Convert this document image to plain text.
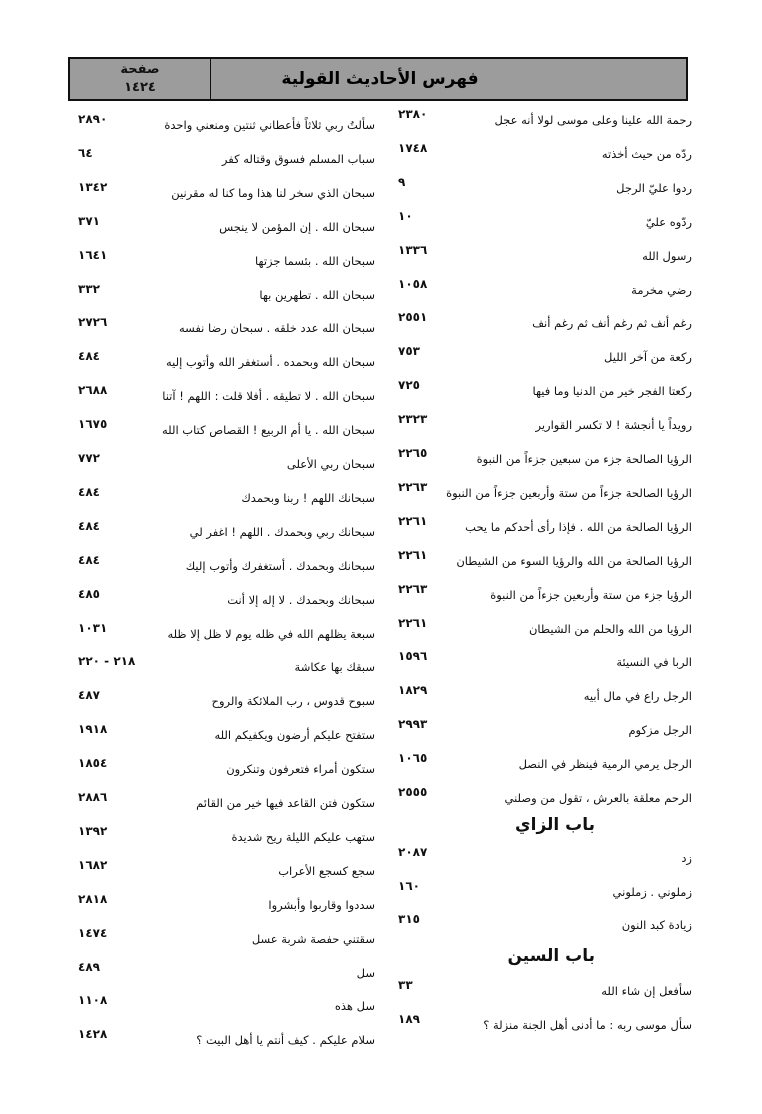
صفحة
١٤٢٤	فهرس الأحاديث القولية
رحمة الله علينا وعلى موسى لولا أنه عجل
٢٣٨٠
ردّه من حيث أخذته
١٧٤٨
ردوا عليّ الرجل
٩
ردّوه عليّ
١٠
رسول الله
١٣٣٦
رضي مخرمة
١٠٥٨
رغم أنف ثم رغم أنف ثم رغم أنف
٢٥٥١
ركعة من آخر الليل
٧٥٣
ركعتا الفجر خير من الدنيا وما فيها
٧٢٥
رويداً يا أنجشة ! لا تكسر القوارير
٢٣٢٣
الرؤيا الصالحة جزء من سبعين جزءاً من النبوة
٢٢٦٥
الرؤيا الصالحة جزءاً من ستة وأربعين جزءاً من النبوة
٢٢٦٣
الرؤيا الصالحة من الله . فإذا رأى أحدكم ما يحب
٢٢٦١
الرؤيا الصالحة من الله والرؤيا السوء من الشيطان
٢٢٦١
الرؤيا جزء من ستة وأربعين جزءاً من النبوة
٢٢٦٣
الرؤيا من الله والحلم من الشيطان
٢٢٦١
الربا في النسيئة
١٥٩٦
الرجل راع في مال أبيه
١٨٢٩
الرجل مزكوم
٢٩٩٣
الرجل يرمي الرمية فينظر في النصل
١٠٦٥
الرحم معلقة بالعرش ، تقول من وصلني
٢٥٥٥
زد
٢٠٨٧
زملوني . زملوني
١٦٠
زيادة كبد النون
٣١٥
سأفعل إن شاء الله
٣٣
سأل موسى ربه : ما أدنى أهل الجنة منزلة ؟
١٨٩
سألتُ ربي ثلاثاً فأعطاني ثنتين ومنعني واحدة
٢٨٩٠
سباب المسلم فسوق وقتاله كفر
٦٤
سبحان الذي سخر لنا هذا وما كنا له مقرنين
١٣٤٢
سبحان الله . إن المؤمن لا ينجس
٣٧١
سبحان الله . بئسما جزتها
١٦٤١
سبحان الله . تطهرين بها
٣٣٢
سبحان الله عدد خلقه . سبحان رضا نفسه
٢٧٢٦
سبحان الله وبحمده . أستغفر الله وأتوب إليه
٤٨٤
سبحان الله . لا تطيقه . أفلا قلت : اللهم ! آتنا
٢٦٨٨
سبحان الله . يا أم الربيع ! القصاص كتاب الله
١٦٧٥
سبحان ربي الأعلى
٧٧٢
سبحانك اللهم ! ربنا وبحمدك
٤٨٤
سبحانك ربي وبحمدك . اللهم ! اغفر لي
٤٨٤
سبحانك وبحمدك . أستغفرك وأتوب إليك
٤٨٤
سبحانك وبحمدك . لا إله إلا أنت
٤٨٥
سبعة يظلهم الله في ظله يوم لا ظل إلا ظله
١٠٣١
سبقك بها عكاشة
٢١٨ - ٢٢٠
سبوح قدوس ، رب الملائكة والروح
٤٨٧
ستفتح عليكم أرضون ويكفيكم الله
١٩١٨
ستكون أمراء فتعرفون وتنكرون
١٨٥٤
ستكون فتن القاعد فيها خير من القائم
٢٨٨٦
ستهب عليكم الليلة ريح شديدة
١٣٩٢
سجع كسجع الأعراب
١٦٨٢
سددوا وقاربوا وأبشروا
٢٨١٨
سقتني حفصة شربة عسل
١٤٧٤
سل
٤٨٩
سل هذه
١١٠٨
سلام عليكم . كيف أنتم يا أهل البيت ؟
١٤٢٨
باب الزاي
باب السين
